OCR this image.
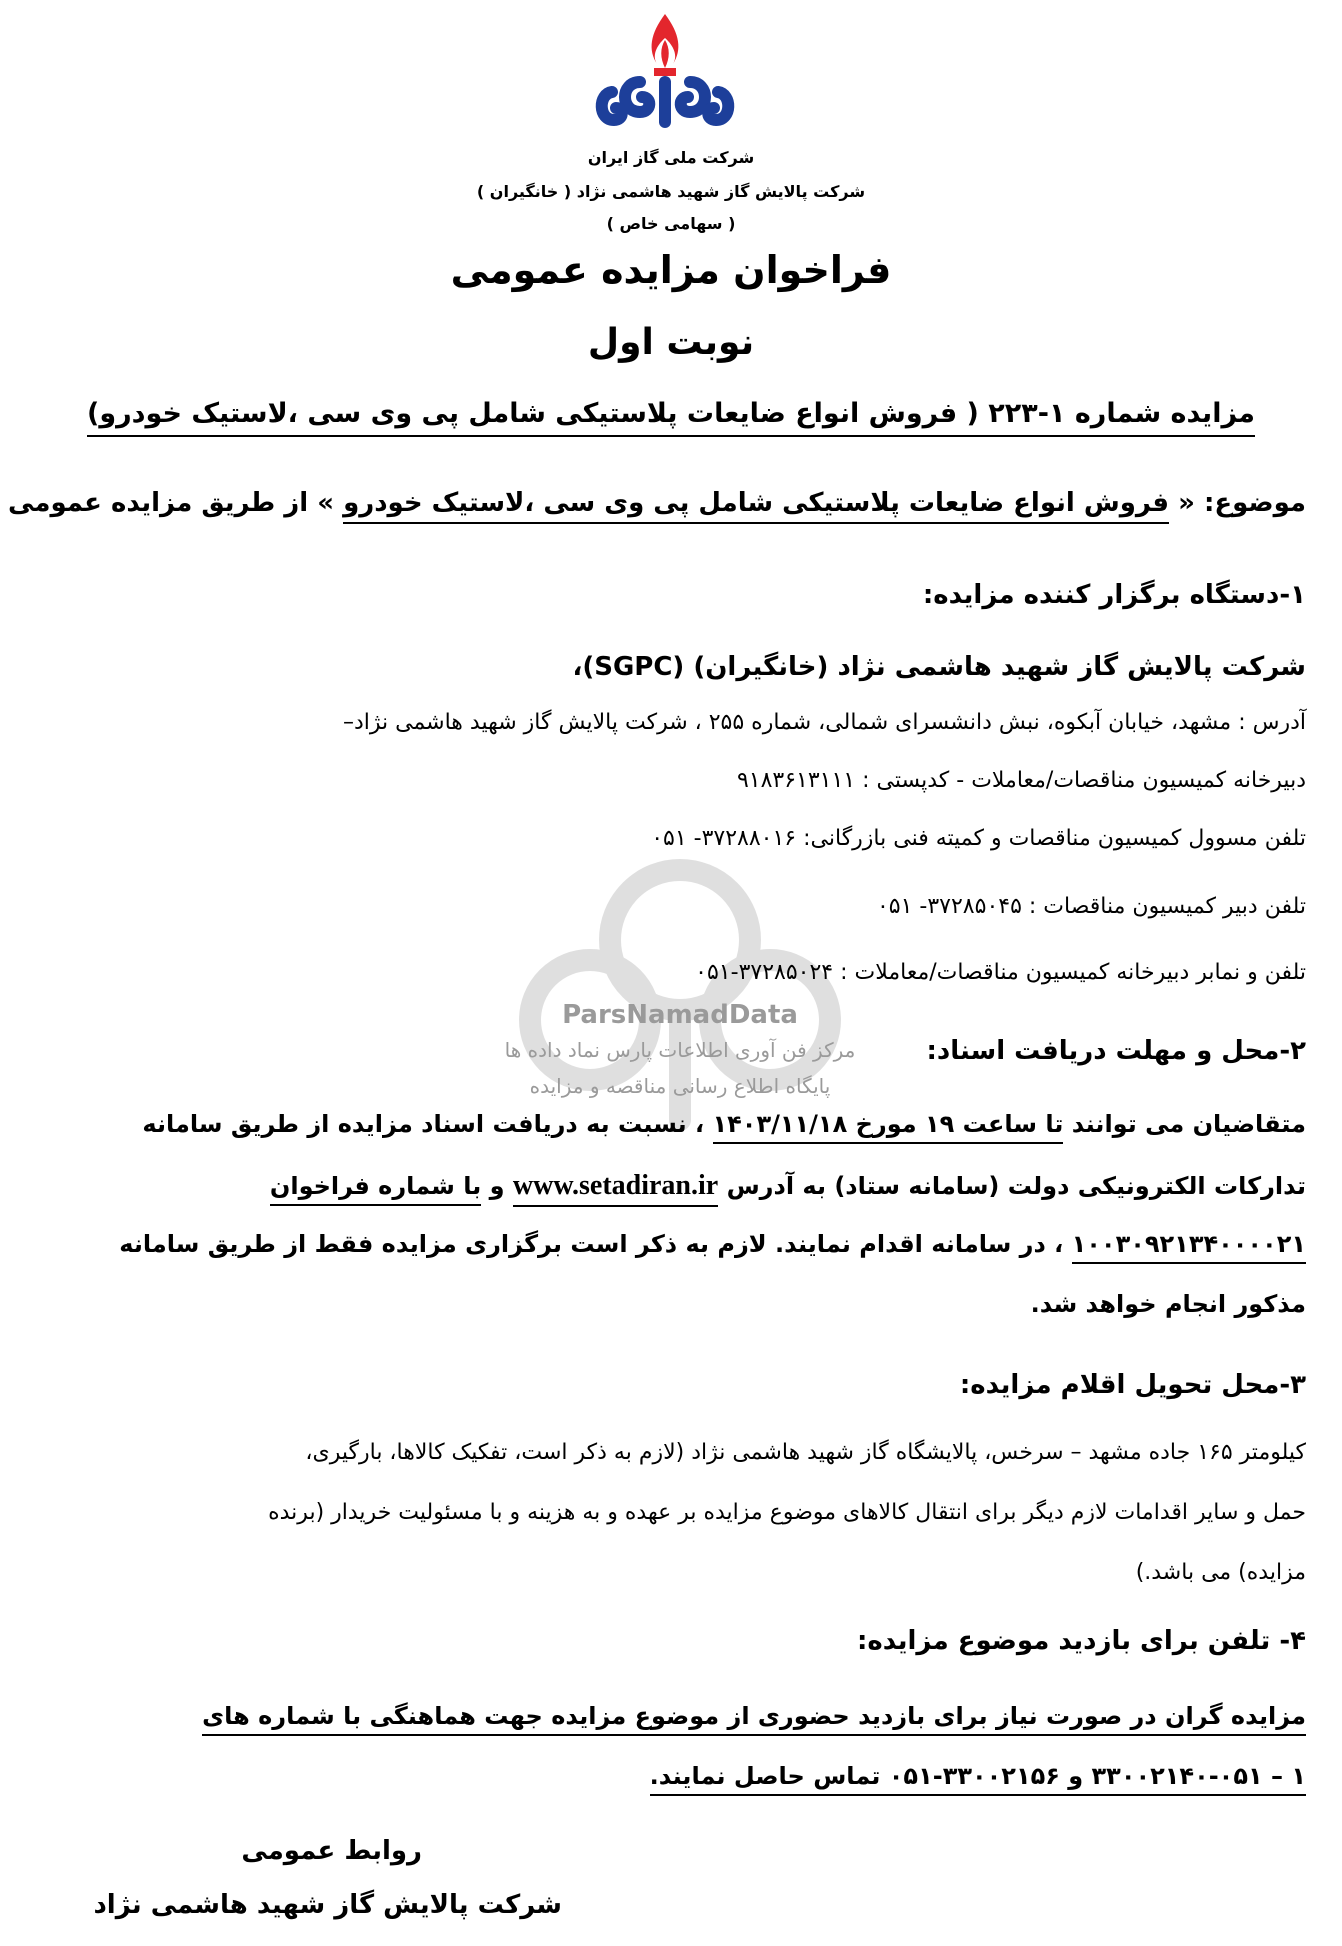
شرکت ملی گاز ایران
شرکت پالایش گاز شهید هاشمی نژاد ( خانگیران )
( سهامی خاص )
فراخوان مزایده عمومی
نوبت اول
مزایده شماره ۱-۲۲۳ ( فروش انواع ضایعات پلاستیکی شامل پی وی سی ،لاستیک خودرو)
موضوع: « فروش انواع ضایعات پلاستیکی شامل پی وی سی ،لاستیک خودرو » از طریق مزایده عمومی
ParsNamadData
مرکز فن آوری اطلاعات پارس نماد داده ها
پایگاه اطلاع رسانی مناقصه و مزایده
۱-دستگاه برگزار کننده مزایده:
شرکت پالایش گاز شهید هاشمی نژاد (خانگیران) (SGPC)،
آدرس : مشهد، خیابان آبکوه، نبش دانشسرای شمالی، شماره ۲۵۵ ، شرکت پالایش گاز شهید هاشمی نژاد–
دبیرخانه کمیسیون مناقصات/معاملات - کدپستی : ۹۱۸۳۶۱۳۱۱۱
تلفن مسوول کمیسیون مناقصات و کمیته فنی بازرگانی: ۳۷۲۸۸۰۱۶- ۰۵۱
تلفن دبیر کمیسیون مناقصات : ۳۷۲۸۵۰۴۵- ۰۵۱
تلفن و نمابر دبیرخانه کمیسیون مناقصات/معاملات : ۳۷۲۸۵۰۲۴-۰۵۱
۲-محل و مهلت دریافت اسناد:
متقاضیان می توانند تا ساعت ۱۹ مورخ ۱۴۰۳/۱۱/۱۸ ، نسبت به دریافت اسناد مزایده از طریق سامانه
تدارکات الکترونیکی دولت (سامانه ستاد) به آدرس www.setadiran.ir و با شماره فراخوان
۱۰۰۳۰۹۲۱۳۴۰۰۰۰۲۱ ، در سامانه اقدام نمایند. لازم به ذکر است برگزاری مزایده فقط از طریق سامانه
مذکور انجام خواهد شد.
۳-محل تحویل اقلام مزایده:
کیلومتر ۱۶۵ جاده مشهد – سرخس، پالایشگاه گاز شهید هاشمی نژاد (لازم به ذکر است، تفکیک کالاها، بارگیری،
حمل و سایر اقدامات لازم دیگر برای انتقال کالاهای موضوع مزایده بر عهده و به هزینه و با مسئولیت خریدار (برنده
مزایده) می باشد.)
۴- تلفن برای بازدید موضوع مزایده:
مزایده گران در صورت نیاز برای بازدید حضوری از موضوع مزایده جهت هماهنگی با شماره های
۱ – ۳۳۰۰۲۱۴۰-۰۵۱ و ۳۳۰۰۲۱۵۶-۰۵۱ تماس حاصل نمایند.
روابط عمومی
شرکت پالایش گاز شهید هاشمی نژاد
